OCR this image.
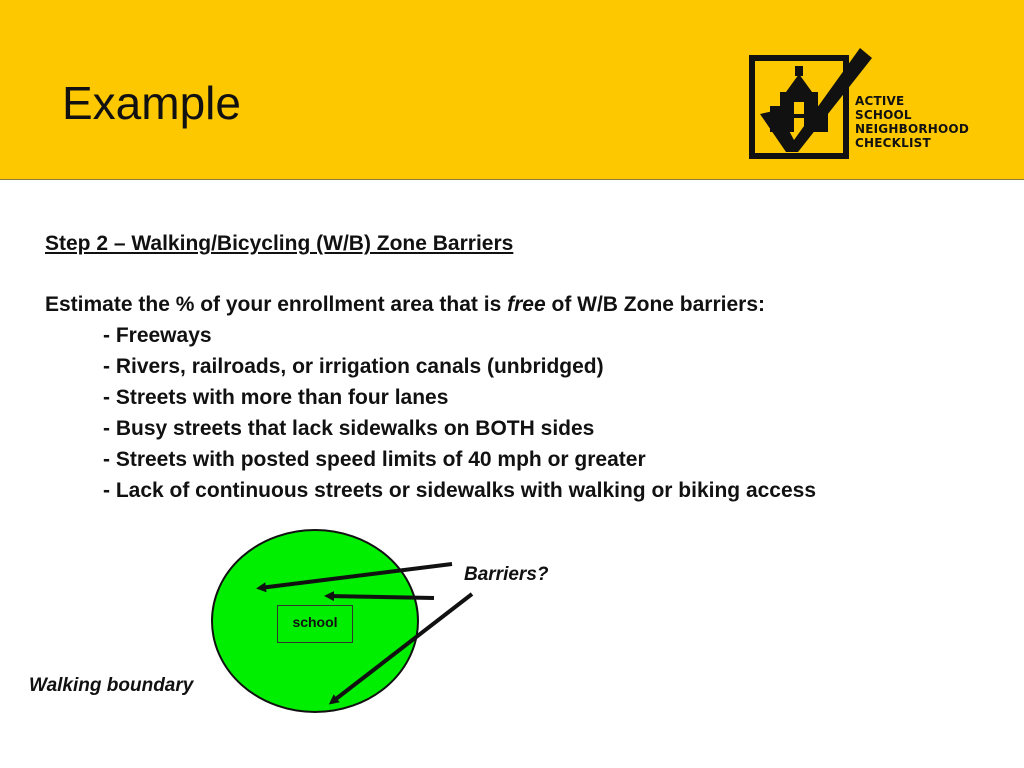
Example	ACTIVE
SCHOOL
NEIGHBORHOOD
CHECKLIST
Step 2 – Walking/Bicycling (W/B) Zone Barriers
Estimate the % of your enrollment area that is free of W/B Zone barriers:
- Freeways
- Rivers, railroads, or irrigation canals (unbridged)
- Streets with more than four lanes
- Busy streets that lack sidewalks on BOTH sides
- Streets with posted speed limits of 40 mph or greater
- Lack of continuous streets or sidewalks with walking or biking access
school
Barriers?
Walking boundary
